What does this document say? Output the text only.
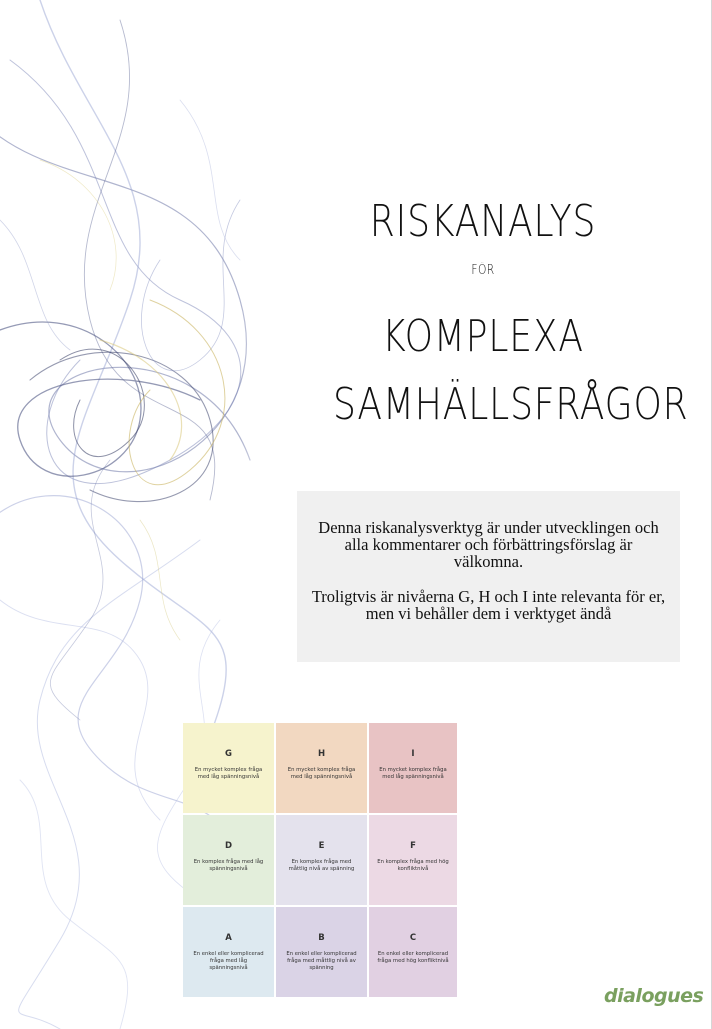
RISKANALYS
FÖR
KOMPLEXA
SAMHÄLLSFRÅGOR

Denna riskanalysverktyg är under utvecklingen och alla kommentarer och förbättringsförslag är välkomna.

Troligtvis är nivåerna G, H och I inte relevanta för er, men vi behåller dem i verktyget ändå

G
En mycket komplex fråga med låg spänningsnivå
H
En mycket komplex fråga med låg spänningsnivå
I
En mycket komplex fråga med låg spänningsnivå
D
En komplex fråga med låg spänningsnivå
E
En komplex fråga med måttlig nivå av spänning
F
En komplex fråga med hög konfliktnivå
A
En enkel eller komplicerad fråga med låg spänningsnivå
B
En enkel eller komplicerad fråga med måttlig nivå av spänning
C
En enkel eller komplicerad fråga med hög konfliktnivå
dialogues
